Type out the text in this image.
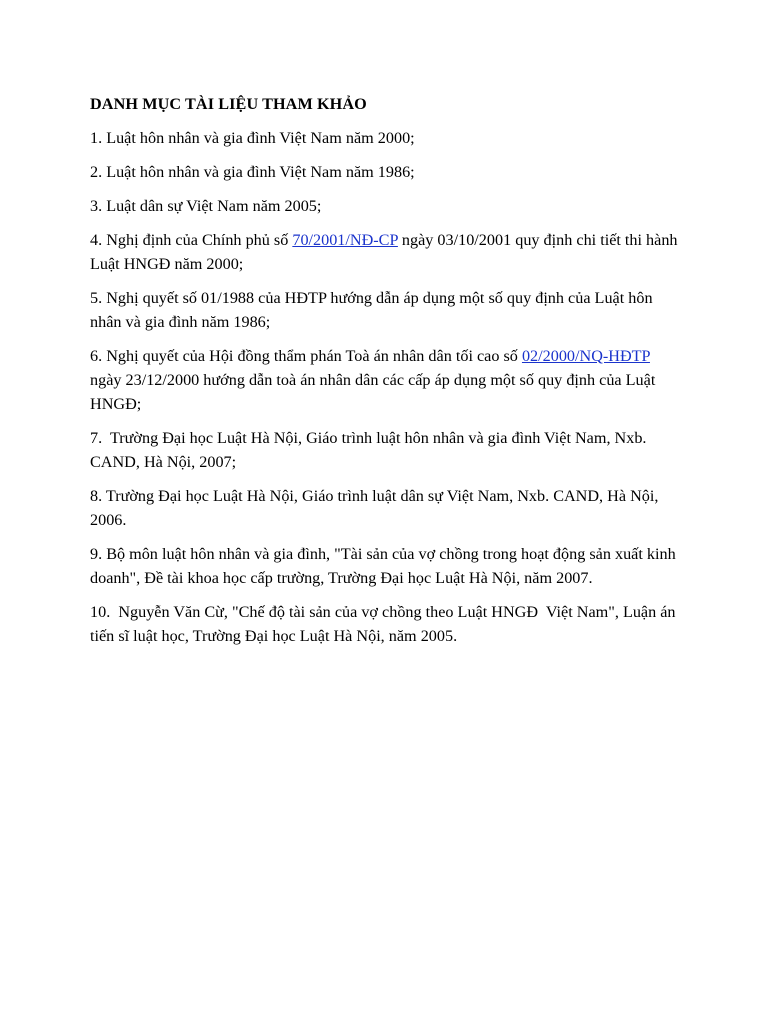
DANH MỤC TÀI LIỆU THAM KHẢO

1. Luật hôn nhân và gia đình Việt Nam năm 2000;

2. Luật hôn nhân và gia đình Việt Nam năm 1986;

3. Luật dân sự Việt Nam năm 2005;

4. Nghị định của Chính phủ số 70/2001/NĐ-CP ngày 03/10/2001 quy định chi tiết thi hành Luật HNGĐ năm 2000;

5. Nghị quyết số 01/1988 của HĐTP hướng dẫn áp dụng một số quy định của Luật hôn nhân và gia đình năm 1986;

6. Nghị quyết của Hội đồng thẩm phán Toà án nhân dân tối cao số 02/2000/NQ-HĐTP ngày 23/12/2000 hướng dẫn toà án nhân dân các cấp áp dụng một số quy định của Luật HNGĐ;

7.  Trường Đại học Luật Hà Nội, Giáo trình luật hôn nhân và gia đình Việt Nam, Nxb. CAND, Hà Nội, 2007;

8. Trường Đại học Luật Hà Nội, Giáo trình luật dân sự Việt Nam, Nxb. CAND, Hà Nội, 2006.

9. Bộ môn luật hôn nhân và gia đình, "Tài sản của vợ chồng trong hoạt động sản xuất kinh doanh", Đề tài khoa học cấp trường, Trường Đại học Luật Hà Nội, năm 2007.

10.  Nguyễn Văn Cừ, "Chế độ tài sản của vợ chồng theo Luật HNGĐ  Việt Nam", Luận án tiến sĩ luật học, Trường Đại học Luật Hà Nội, năm 2005.
